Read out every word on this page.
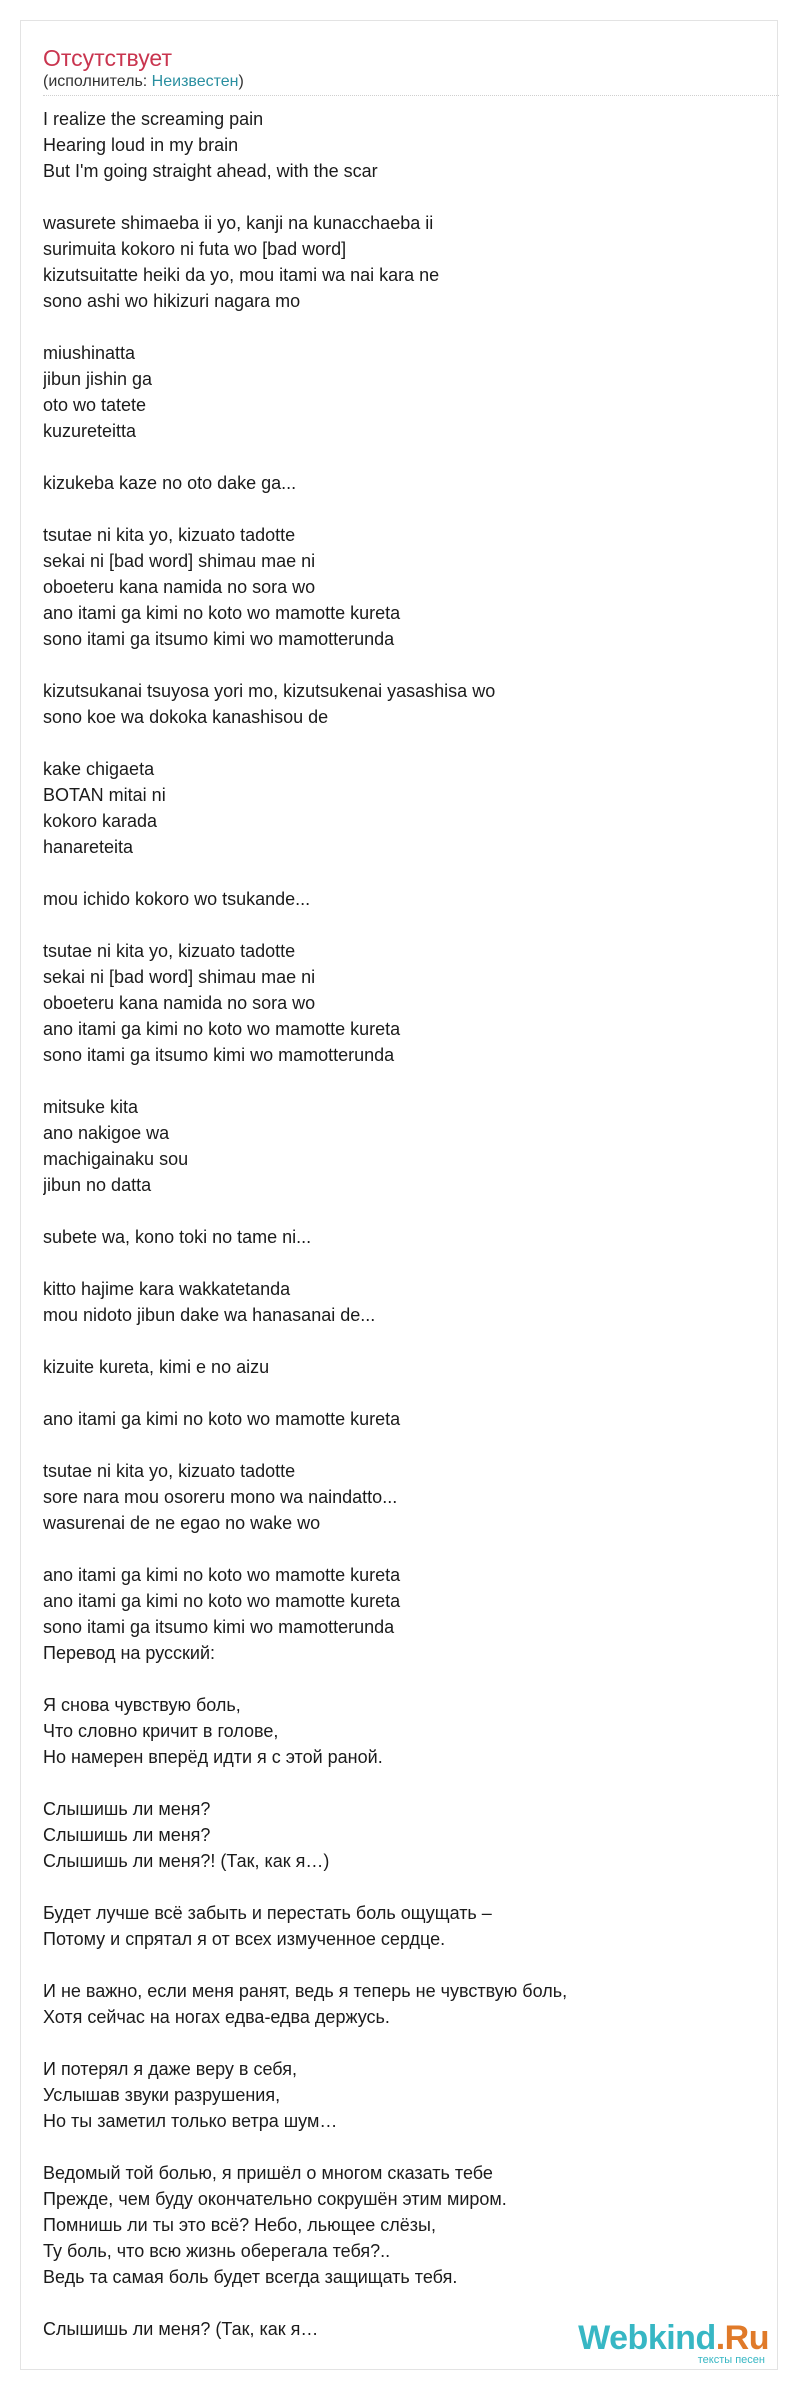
Отсутствует
(исполнитель: Неизвестен)
I realize the screaming pain
Hearing loud in my brain
But I'm going straight ahead, with the scar
wasurete shimaeba ii yo, kanji na kunacchaeba ii
surimuita kokoro ni futa wo [bad word]
kizutsuitatte heiki da yo, mou itami wa nai kara ne
sono ashi wo hikizuri nagara mo
miushinatta
jibun jishin ga
oto wo tatete
kuzureteitta
kizukeba kaze no oto dake ga...
tsutae ni kita yo, kizuato tadotte
sekai ni [bad word] shimau mae ni
oboeteru kana namida no sora wo
ano itami ga kimi no koto wo mamotte kureta
sono itami ga itsumo kimi wo mamotterunda
kizutsukanai tsuyosa yori mo, kizutsukenai yasashisa wo
sono koe wa dokoka kanashisou de
kake chigaeta
BOTAN mitai ni
kokoro karada
hanareteita
mou ichido kokoro wo tsukande...
tsutae ni kita yo, kizuato tadotte
sekai ni [bad word] shimau mae ni
oboeteru kana namida no sora wo
ano itami ga kimi no koto wo mamotte kureta
sono itami ga itsumo kimi wo mamotterunda
mitsuke kita
ano nakigoe wa
machigainaku sou
jibun no datta
subete wa, kono toki no tame ni...
kitto hajime kara wakkatetanda
mou nidoto jibun dake wa hanasanai de...
kizuite kureta, kimi e no aizu
ano itami ga kimi no koto wo mamotte kureta
tsutae ni kita yo, kizuato tadotte
sore nara mou osoreru mono wa naindatto...
wasurenai de ne egao no wake wo
ano itami ga kimi no koto wo mamotte kureta
ano itami ga kimi no koto wo mamotte kureta
sono itami ga itsumo kimi wo mamotterunda
Перевод на русский:
Я снова чувствую боль,
Что словно кричит в голове,
Но намерен вперёд идти я с этой раной.
Слышишь ли меня?
Слышишь ли меня?
Слышишь ли меня?! (Так, как я…)
Будет лучше всё забыть и перестать боль ощущать –
Потому и спрятал я от всех измученное сердце.
И не важно, если меня ранят, ведь я теперь не чувствую боль,
Хотя сейчас на ногах едва-едва держусь.
И потерял я даже веру в себя,
Услышав звуки разрушения,
Но ты заметил только ветра шум…
Ведомый той болью, я пришёл о многом сказать тебе
Прежде, чем буду окончательно сокрушён этим миром.
Помнишь ли ты это всё? Небо, льющее слёзы,
Ту боль, что всю жизнь оберегала тебя?..
Ведь та самая боль будет всегда защищать тебя.
Слышишь ли меня? (Так, как я…	Webkind.Ru
тексты песен
